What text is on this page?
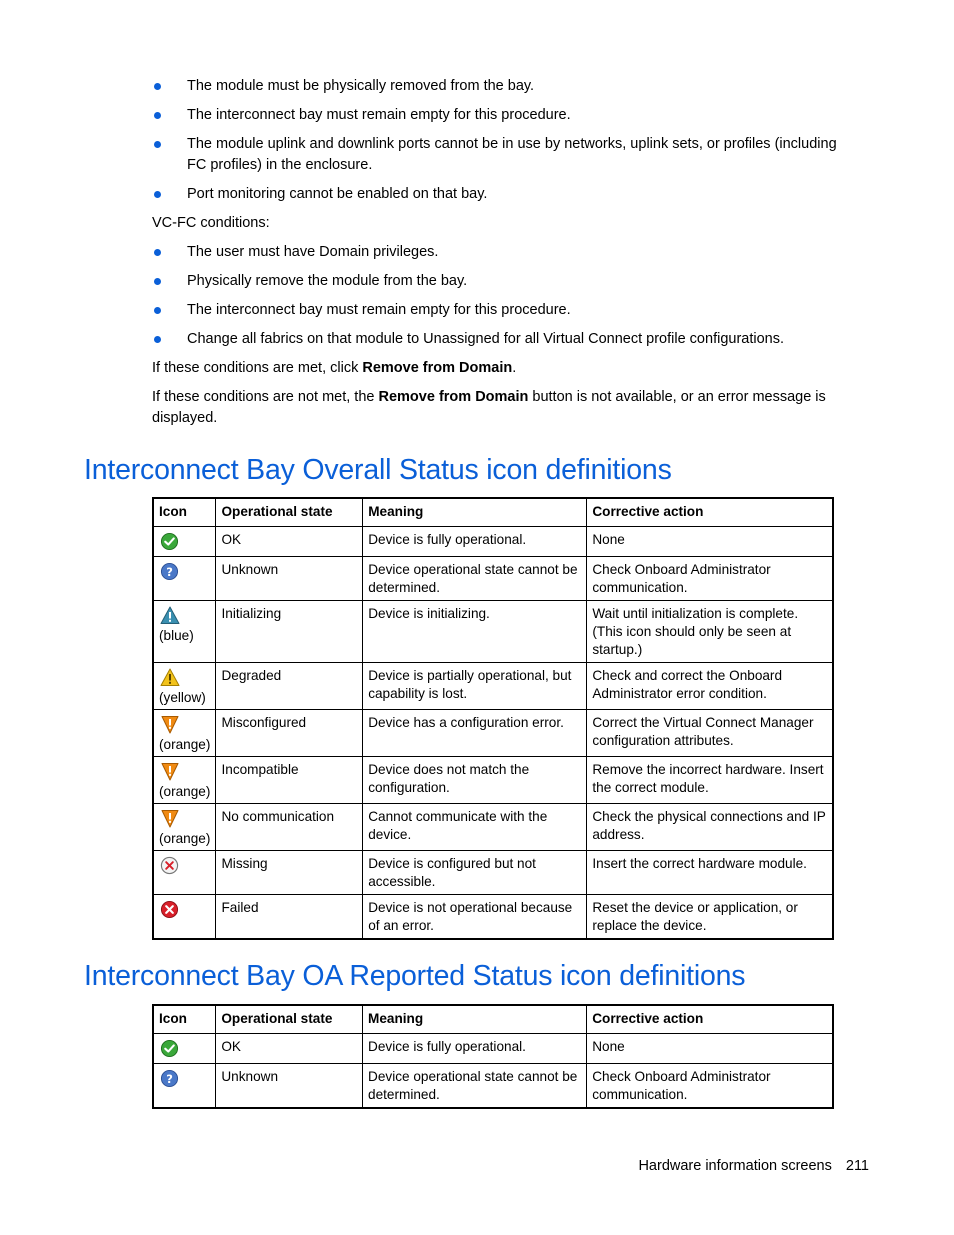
The module must be physically removed from the bay.
The interconnect bay must remain empty for this procedure.
The module uplink and downlink ports cannot be in use by networks, uplink sets, or profiles (including FC profiles) in the enclosure.
Port monitoring cannot be enabled on that bay.

VC-FC conditions:

The user must have Domain privileges.
Physically remove the module from the bay.
The interconnect bay must remain empty for this procedure.
Change all fabrics on that module to Unassigned for all Virtual Connect profile configurations.

If these conditions are met, click Remove from Domain.

If these conditions are not met, the Remove from Domain button is not available, or an error message is displayed.

Interconnect Bay Overall Status icon definitions
Icon	Operational state	Meaning	Corrective action

	OK	Device is fully operational.	None

?	Unknown	Device operational state cannot be determined.	Check Onboard Administrator communication.

(blue)	Initializing	Device is initializing.	Wait until initialization is complete. (This icon should only be seen at startup.)

(yellow)	Degraded	Device is partially operational, but capability is lost.	Check and correct the Onboard Administrator error condition.

(orange)	Misconfigured	Device has a configuration error.	Correct the Virtual Connect Manager configuration attributes.

(orange)	Incompatible	Device does not match the configuration.	Remove the incorrect hardware. Insert the correct module.

(orange)	No communication	Cannot communicate with the device.	Check the physical connections and IP address.

	Missing	Device is configured but not accessible.	Insert the correct hardware module.

	Failed	Device is not operational because of an error.	Reset the device or application, or replace the device.
Interconnect Bay OA Reported Status icon definitions
Icon	Operational state	Meaning	Corrective action

	OK	Device is fully operational.	None

?	Unknown	Device operational state cannot be determined.	Check Onboard Administrator communication.
Hardware information screens 211
